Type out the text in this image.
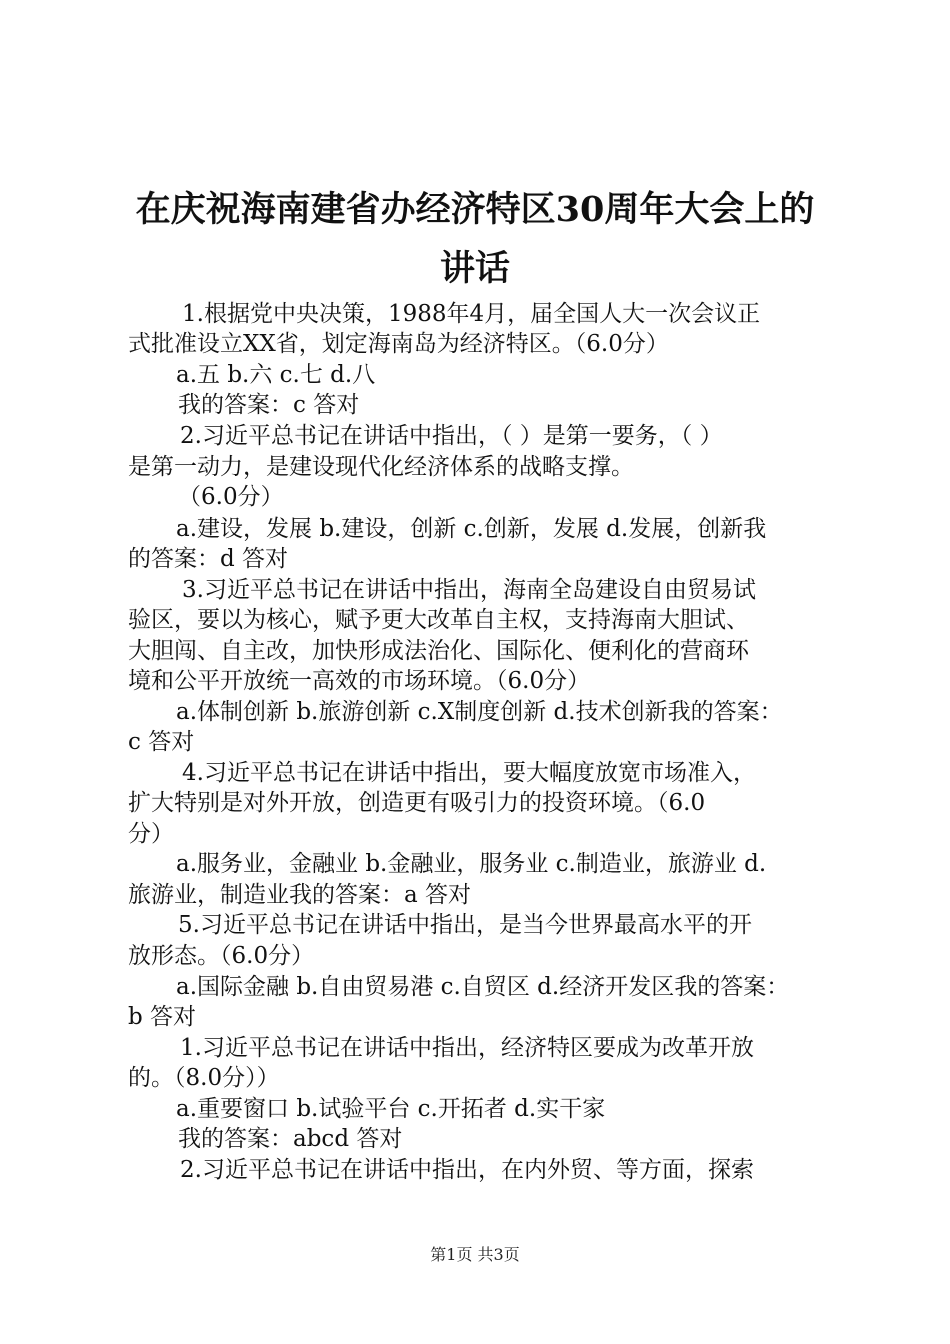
在庆祝海南建省办经济特区30周年大会上的
讲话
1.根据党中央决策，1988年4月，届全国人大一次会议正
式批准设立XX省，划定海南岛为经济特区。（6.0分）
a.五 b.六 c.七 d.八
我的答案：c 答对
2.习近平总书记在讲话中指出，（ ）是第一要务，（ ）
是第一动力，是建设现代化经济体系的战略支撑。
（6.0分）
a.建设，发展 b.建设，创新 c.创新，发展 d.发展，创新我
的答案：d 答对
3.习近平总书记在讲话中指出，海南全岛建设自由贸易试
验区，要以为核心，赋予更大改革自主权，支持海南大胆试、
大胆闯、自主改，加快形成法治化、国际化、便利化的营商环
境和公平开放统一高效的市场环境。（6.0分）
a.体制创新 b.旅游创新 c.X制度创新 d.技术创新我的答案：
c 答对
4.习近平总书记在讲话中指出，要大幅度放宽市场准入，
扩大特别是对外开放，创造更有吸引力的投资环境。（6.0
分）
a.服务业，金融业 b.金融业，服务业 c.制造业，旅游业 d.
旅游业，制造业我的答案：a 答对
5.习近平总书记在讲话中指出，是当今世界最高水平的开
放形态。（6.0分）
a.国际金融 b.自由贸易港 c.自贸区 d.经济开发区我的答案：
b 答对
1.习近平总书记在讲话中指出，经济特区要成为改革开放
的。（8.0分））
a.重要窗口 b.试验平台 c.开拓者 d.实干家
我的答案：abcd 答对
2.习近平总书记在讲话中指出，在内外贸、等方面，探索
第1页 共3页
